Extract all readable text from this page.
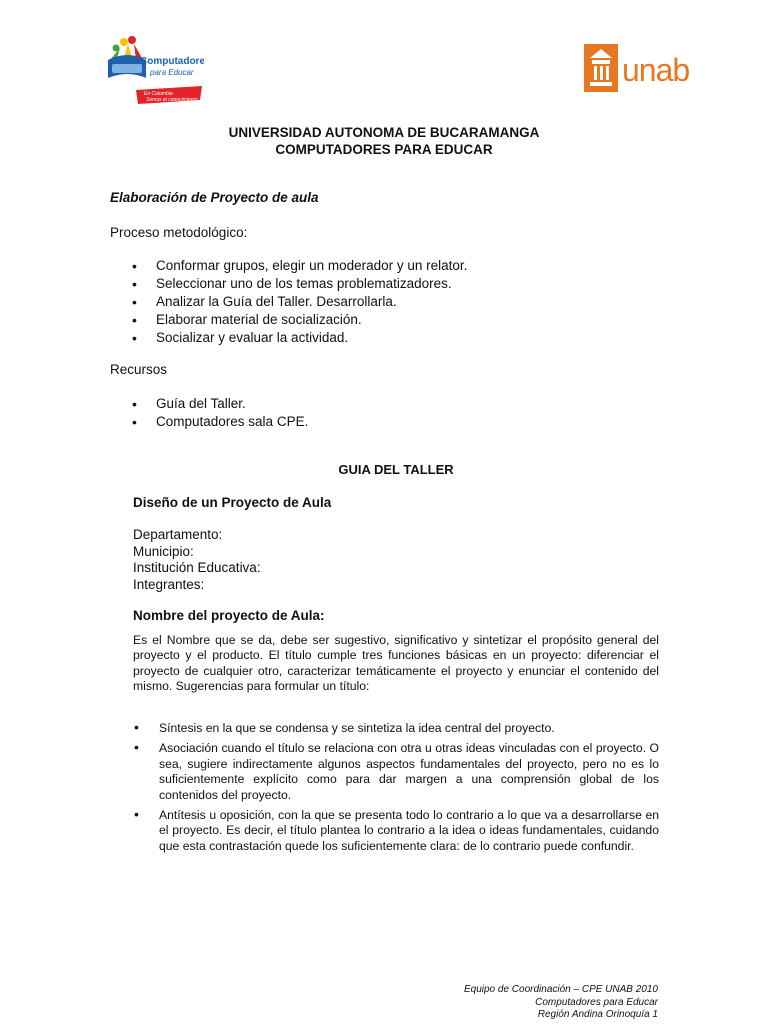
Computadores
para Educar
En Colombia
Somos el conocimiento
unab
UNIVERSIDAD AUTONOMA DE BUCARAMANGA
COMPUTADORES PARA EDUCAR
Elaboración de Proyecto de aula
Proceso metodológico:
• Conformar grupos, elegir un moderador y un relator.
• Seleccionar uno de los temas problematizadores.
• Analizar la Guía del Taller. Desarrollarla.
• Elaborar material de socialización.
• Socializar y evaluar la actividad.
Recursos
• Guía del Taller.
• Computadores sala CPE.
GUIA DEL TALLER
Diseño de un Proyecto de Aula
Departamento:
Municipio:
Institución Educativa:
Integrantes:
Nombre del proyecto de Aula:
Es el Nombre que se da, debe ser sugestivo, significativo y sintetizar el propósito general del proyecto y el producto. El título cumple tres funciones básicas en un proyecto: diferenciar el proyecto de cualquier otro, caracterizar temáticamente el proyecto y enunciar el contenido del mismo. Sugerencias para formular un título:
• Síntesis en la que se condensa y se sintetiza la idea central del proyecto.
• Asociación cuando el título se relaciona con otra u otras ideas vinculadas con el proyecto. O sea, sugiere indirectamente algunos aspectos fundamentales del proyecto, pero no es lo suficientemente explícito como para dar margen a una comprensión global de los contenidos del proyecto.
• Antítesis u oposición, con la que se presenta todo lo contrario a lo que va a desarrollarse en el proyecto. Es decir, el título plantea lo contrario a la idea o ideas fundamentales, cuidando que esta contrastación quede los suficientemente clara: de lo contrario puede confundir.
Equipo de Coordinación – CPE UNAB 2010
Computadores para Educar
Región Andina Orinoquía 1
